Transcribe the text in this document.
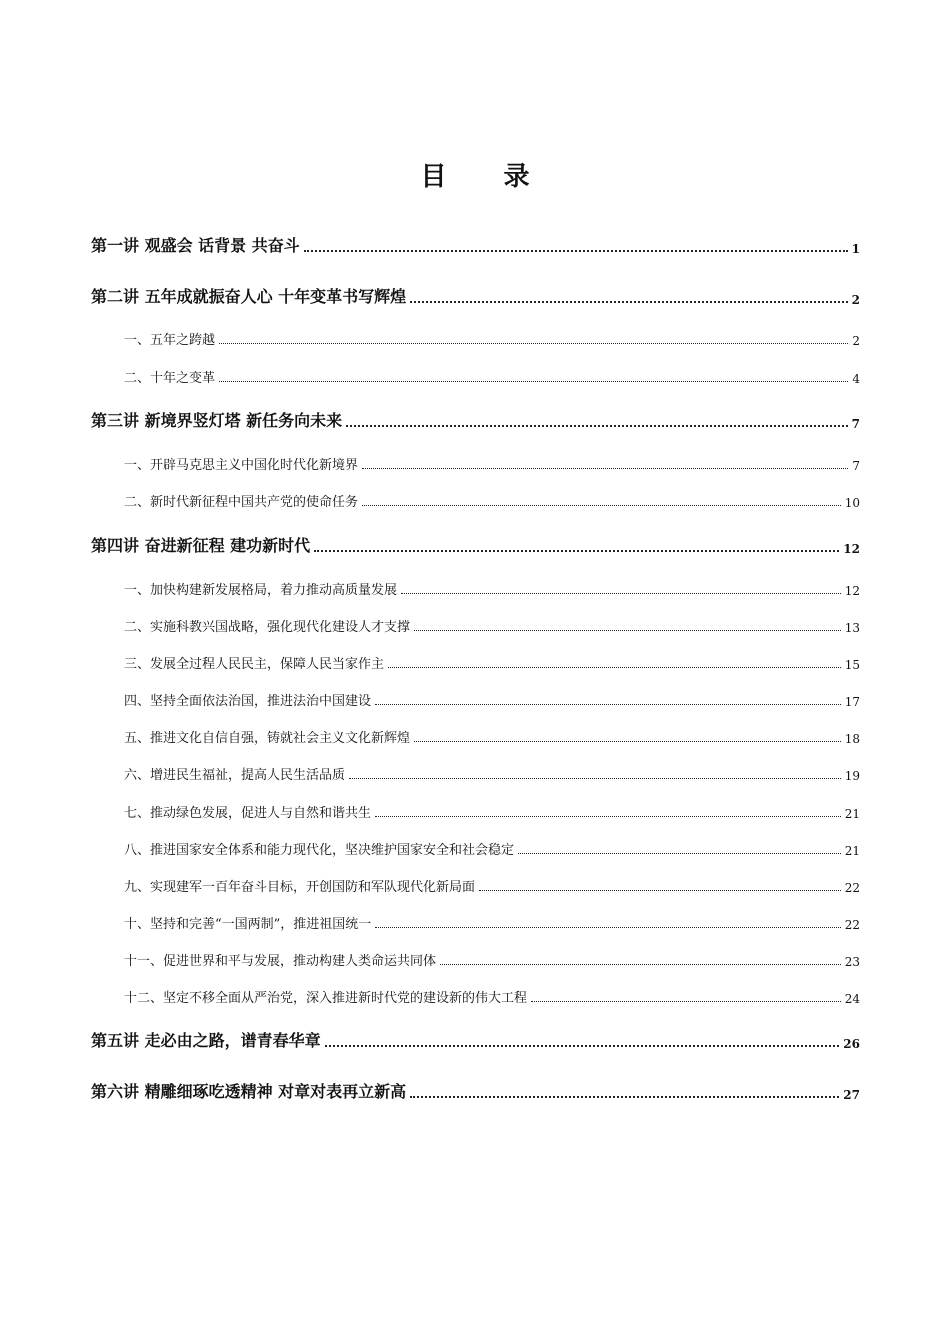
目 录
第一讲 观盛会 话背景 共奋斗	1
第二讲 五年成就振奋人心 十年变革书写辉煌	2
一、五年之跨越	2
二、十年之变革	4
第三讲 新境界竖灯塔 新任务向未来	7
一、开辟马克思主义中国化时代化新境界	7
二、新时代新征程中国共产党的使命任务	10
第四讲 奋进新征程 建功新时代	12
一、加快构建新发展格局，着力推动高质量发展	12
二、实施科教兴国战略，强化现代化建设人才支撑	13
三、发展全过程人民民主，保障人民当家作主	15
四、坚持全面依法治国，推进法治中国建设	17
五、推进文化自信自强，铸就社会主义文化新辉煌	18
六、增进民生福祉，提高人民生活品质	19
七、推动绿色发展，促进人与自然和谐共生	21
八、推进国家安全体系和能力现代化，坚决维护国家安全和社会稳定	21
九、实现建军一百年奋斗目标，开创国防和军队现代化新局面	22
十、坚持和完善“一国两制”，推进祖国统一	22
十一、促进世界和平与发展，推动构建人类命运共同体	23
十二、坚定不移全面从严治党，深入推进新时代党的建设新的伟大工程	24
第五讲 走必由之路，谱青春华章	26
第六讲 精雕细琢吃透精神 对章对表再立新高	27
